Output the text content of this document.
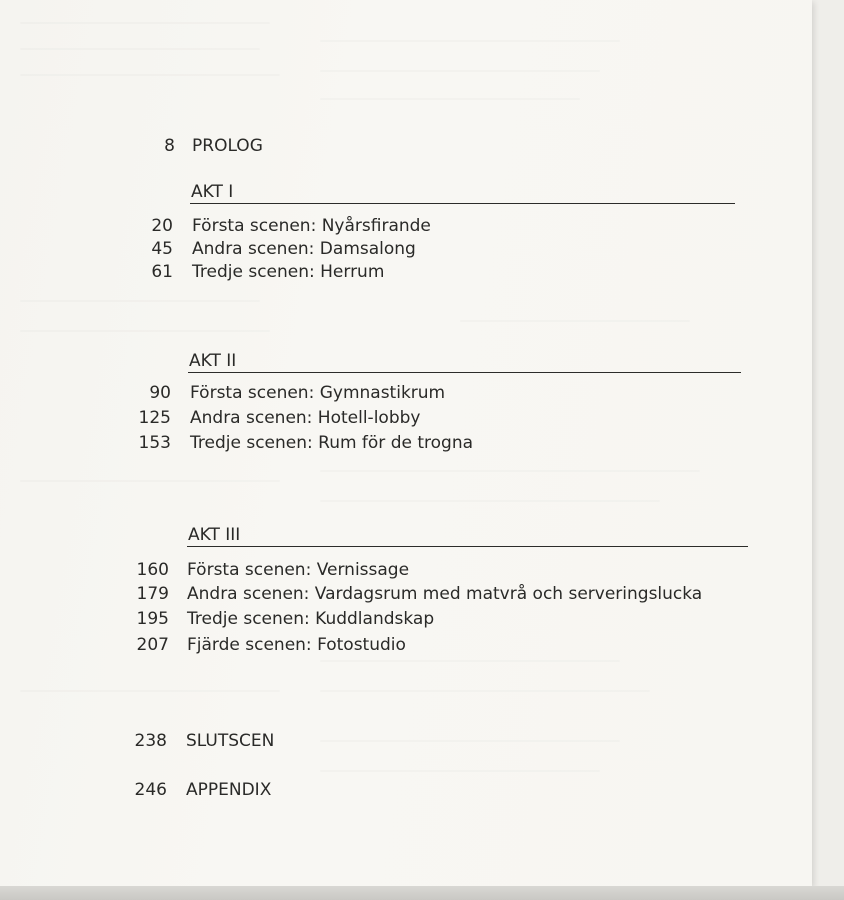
8 PROLOG
AKT I
20 Första scenen: Nyårsfirande
45 Andra scenen: Damsalong
61 Tredje scenen: Herrum
AKT II
90 Första scenen: Gymnastikrum
125 Andra scenen: Hotell-lobby
153 Tredje scenen: Rum för de trogna
AKT III
160 Första scenen: Vernissage
179 Andra scenen: Vardagsrum med matvrå och serveringslucka
195 Tredje scenen: Kuddlandskap
207 Fjärde scenen: Fotostudio
238 SLUTSCEN
246 APPENDIX
